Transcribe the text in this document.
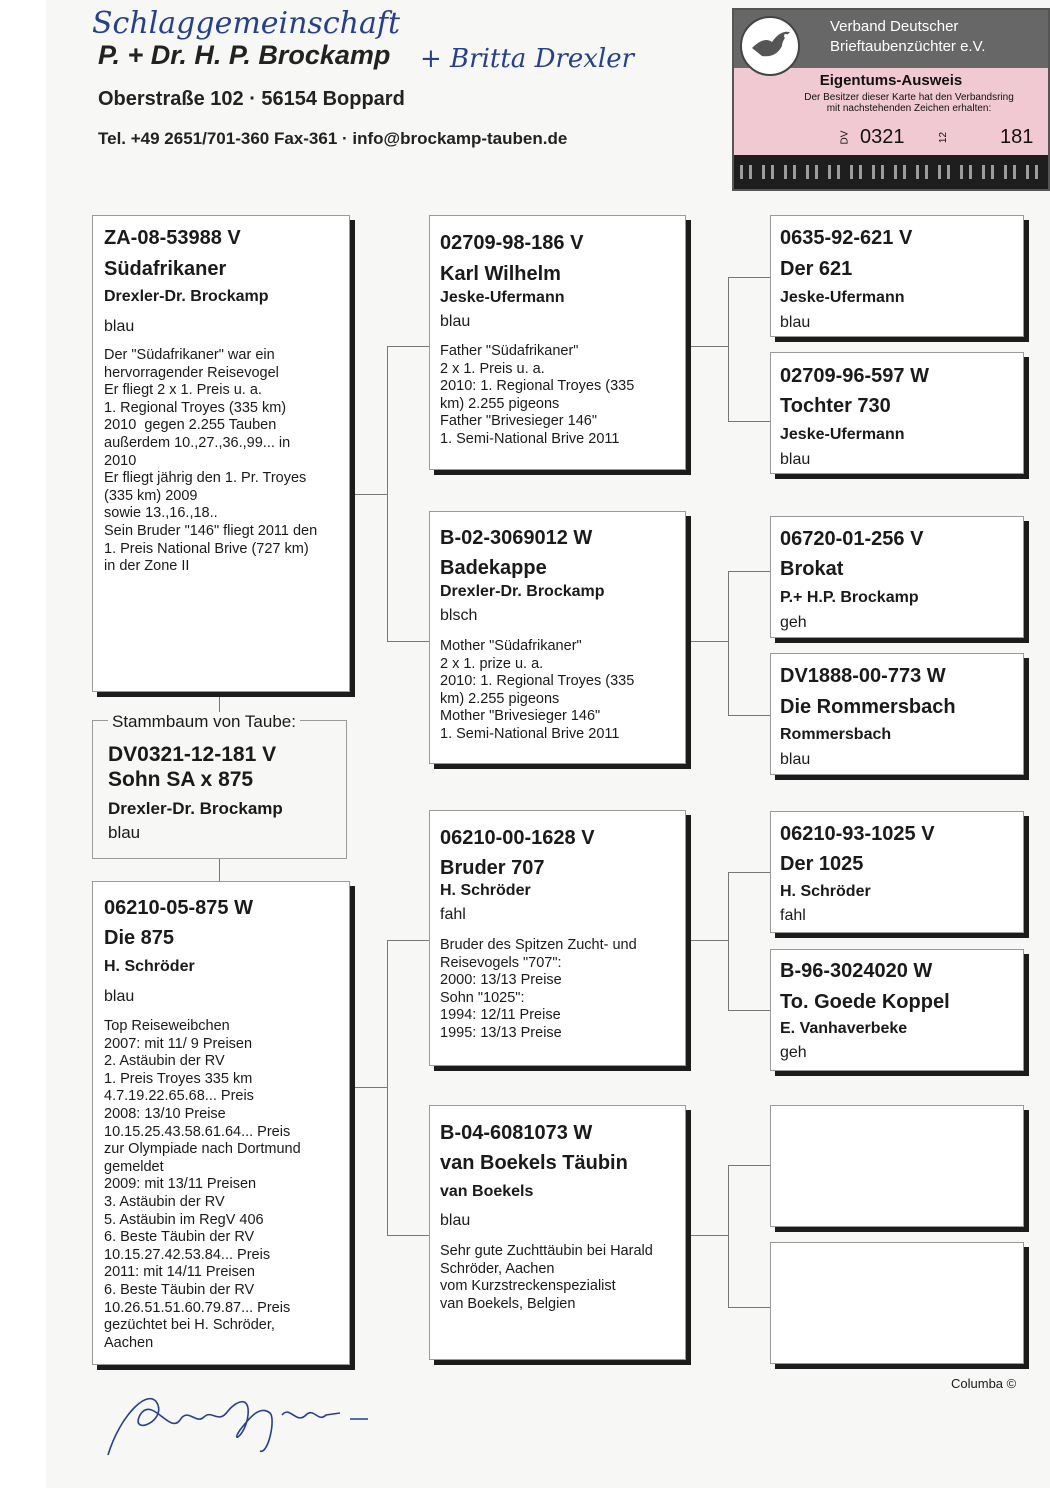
Schlaggemeinschaft
P. + Dr. H. P. Brockamp + Britta Drexler
Oberstraße 102 · 56154 Boppard
Tel. +49 2651/701-360 Fax-361 · info@brockamp-tauben.de
Verband Deutscher
Brieftaubenzüchter e.V.
Eigentums-Ausweis
Der Besitzer dieser Karte hat den Verbandsring
mit nachstehenden Zeichen erhalten:
DV 0321	12	181
ZA-08-53988 V
Südafrikaner
Drexler-Dr. Brockamp
blau
Der "Südafrikaner" war ein
hervorragender Reisevogel
Er fliegt 2 x 1. Preis u. a.
1. Regional Troyes (335 km)
2010  gegen 2.255 Tauben
außerdem 10.,27.,36.,99... in
2010
Er fliegt jährig den 1. Pr. Troyes
(335 km) 2009
sowie 13.,16.,18..
Sein Bruder "146" fliegt 2011 den
1. Preis National Brive (727 km)
in der Zone II
Stammbaum von Taube:
DV0321-12-181 V
Sohn SA x 875
Drexler-Dr. Brockamp
blau
06210-05-875 W
Die 875
H. Schröder
blau
Top Reiseweibchen
2007: mit 11/ 9 Preisen
2. Astäubin der RV
1. Preis Troyes 335 km
4.7.19.22.65.68... Preis
2008: 13/10 Preise
10.15.25.43.58.61.64... Preis
zur Olympiade nach Dortmund
gemeldet
2009: mit 13/11 Preisen
3. Astäubin der RV
5. Astäubin im RegV 406
6. Beste Täubin der RV
10.15.27.42.53.84... Preis
2011: mit 14/11 Preisen
6. Beste Täubin der RV
10.26.51.51.60.79.87... Preis
gezüchtet bei H. Schröder,
Aachen
02709-98-186 V
Karl Wilhelm
Jeske-Ufermann
blau
Father "Südafrikaner"
2 x 1. Preis u. a.
2010: 1. Regional Troyes (335
km) 2.255 pigeons
Father "Brivesieger 146"
1. Semi-National Brive 2011
B-02-3069012 W
Badekappe
Drexler-Dr. Brockamp
blsch
Mother "Südafrikaner"
2 x 1. prize u. a.
2010: 1. Regional Troyes (335
km) 2.255 pigeons
Mother "Brivesieger 146"
1. Semi-National Brive 2011
06210-00-1628 V
Bruder 707
H. Schröder
fahl
Bruder des Spitzen Zucht- und
Reisevogels "707":
2000: 13/13 Preise
Sohn "1025":
1994: 12/11 Preise
1995: 13/13 Preise
B-04-6081073 W
van Boekels Täubin
van Boekels
blau
Sehr gute Zuchttäubin bei Harald
Schröder, Aachen
vom Kurzstreckenspezialist
van Boekels, Belgien
0635-92-621 V
Der 621
Jeske-Ufermann
blau
02709-96-597 W
Tochter 730
Jeske-Ufermann
blau
06720-01-256 V
Brokat
P.+ H.P. Brockamp
geh
DV1888-00-773 W
Die Rommersbach
Rommersbach
blau
06210-93-1025 V
Der 1025
H. Schröder
fahl
B-96-3024020 W
To. Goede Koppel
E. Vanhaverbeke
geh
Columba ©
